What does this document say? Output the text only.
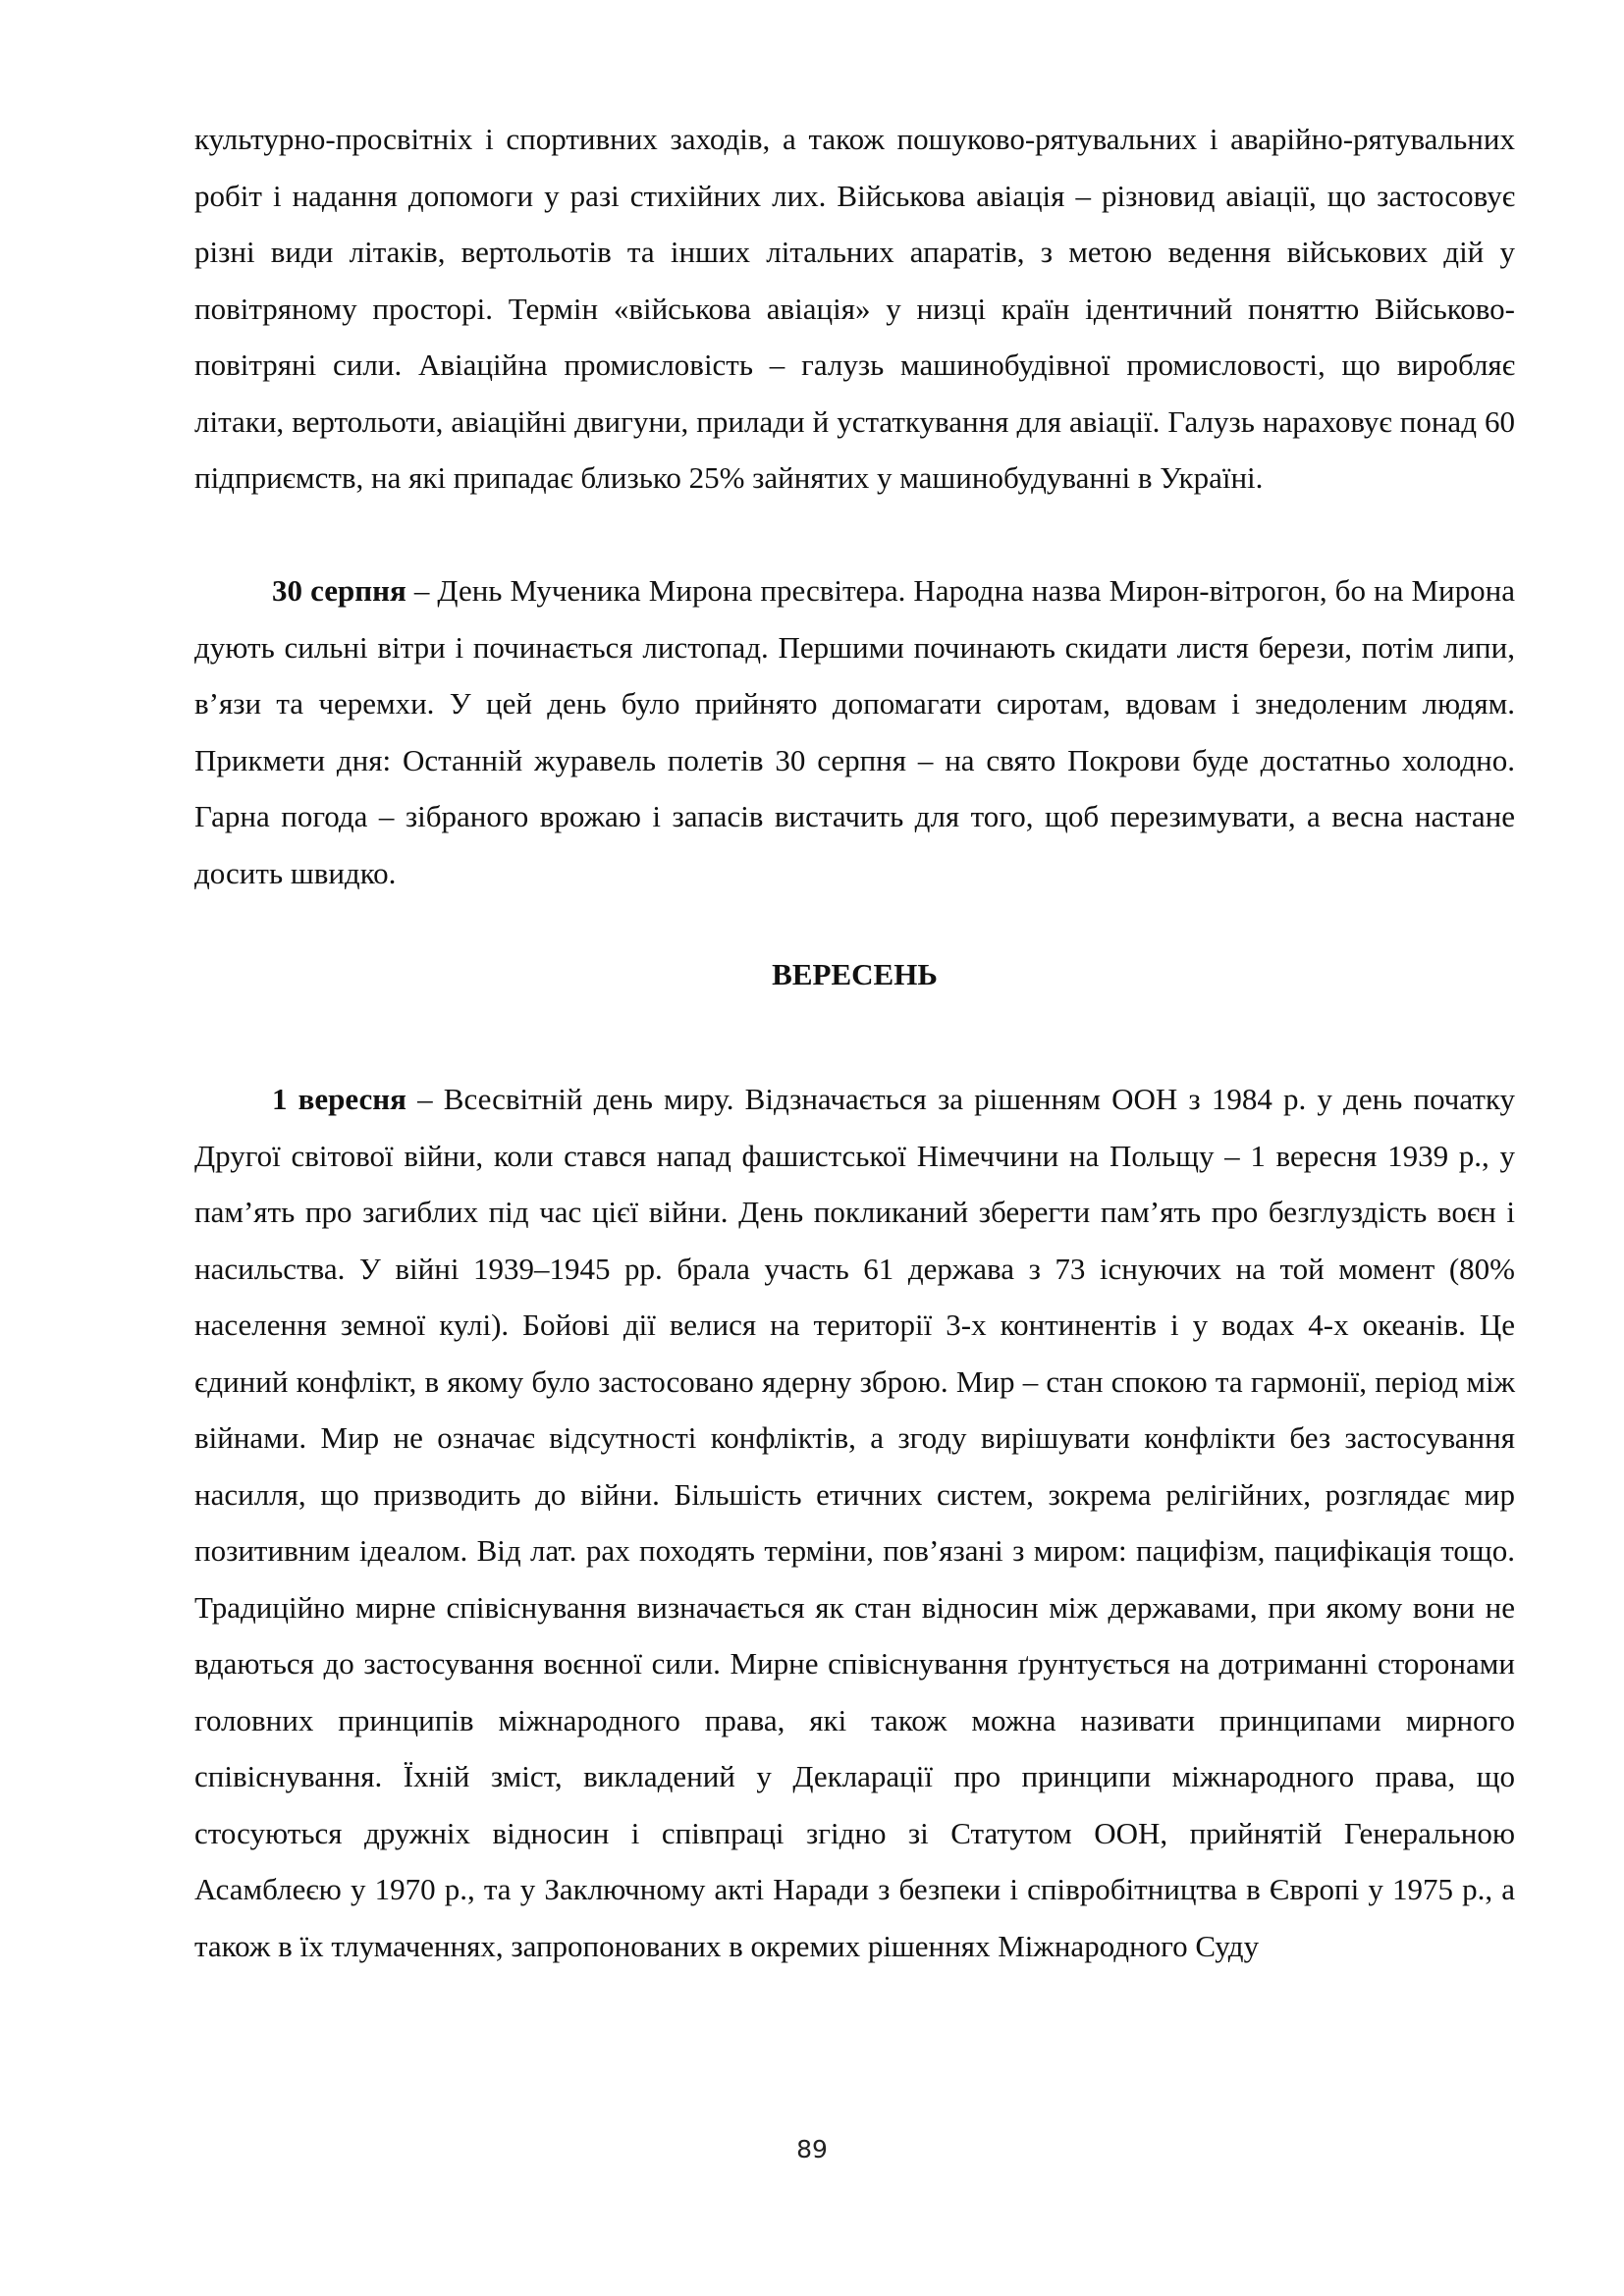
культурно-просвітніх і спортивних заходів, а також пошуково-рятувальних і аварійно-рятувальних робіт і надання допомоги у разі стихійних лих. Військова авіація – різновид авіації, що застосовує різні види літаків, вертольотів та інших літальних апаратів, з метою ведення військових дій у повітряному просторі. Термін «військова авіація» у низці країн ідентичний поняттю Військово-повітряні сили. Авіаційна промисловість – галузь машинобудівної промисловості, що виробляє літаки, вертольоти, авіаційні двигуни, прилади й устаткування для авіації. Галузь нараховує понад 60 підприємств, на які припадає близько 25% зайнятих у машинобудуванні в Україні.

30 серпня – День Мученика Мирона пресвітера. Народна назва Мирон-вітрогон, бо на Мирона дують сильні вітри і починається листопад. Першими починають скидати листя берези, потім липи, в’язи та черемхи. У цей день було прийнято допомагати сиротам, вдовам і знедоленим людям. Прикмети дня: Останній журавель полетів 30 серпня – на свято Покрови буде достатньо холодно. Гарна погода – зібраного врожаю і запасів вистачить для того, щоб перезимувати, а весна настане досить швидко.

ВЕРЕСЕНЬ

1 вересня – Всесвітній день миру. Відзначається за рішенням ООН з 1984 р. у день початку Другої світової війни, коли стався напад фашистської Німеччини на Польщу – 1 вересня 1939 р., у пам’ять про загиблих під час цієї війни. День покликаний зберегти пам’ять про безглуздість воєн і насильства. У війні 1939–1945 рр. брала участь 61 держава з 73 існуючих на той момент (80% населення земної кулі). Бойові дії велися на території 3-х континентів і у водах 4-х океанів. Це єдиний конфлікт, в якому було застосовано ядерну зброю. Мир – стан спокою та гармонії, період між війнами. Мир не означає відсутності конфліктів, а згоду вирішувати конфлікти без застосування насилля, що призводить до війни. Більшість етичних систем, зокрема релігійних, розглядає мир позитивним ідеалом. Від лат. pax походять терміни, пов’язані з миром: пацифізм, пацифікація тощо. Традиційно мирне співіснування визначається як стан відносин між державами, при якому вони не вдаються до застосування воєнної сили. Мирне співіснування ґрунтується на дотриманні сторонами головних принципів міжнародного права, які також можна називати принципами мирного співіснування. Їхній зміст, викладений у Декларації про принципи міжнародного права, що стосуються дружніх відносин і співпраці згідно зі Статутом ООН, прийнятій Генеральною Асамблеєю у 1970 р., та у Заключному акті Наради з безпеки і співробітництва в Європі у 1975 р., а також в їх тлумаченнях, запропонованих в окремих рішеннях Міжнародного Суду

89
